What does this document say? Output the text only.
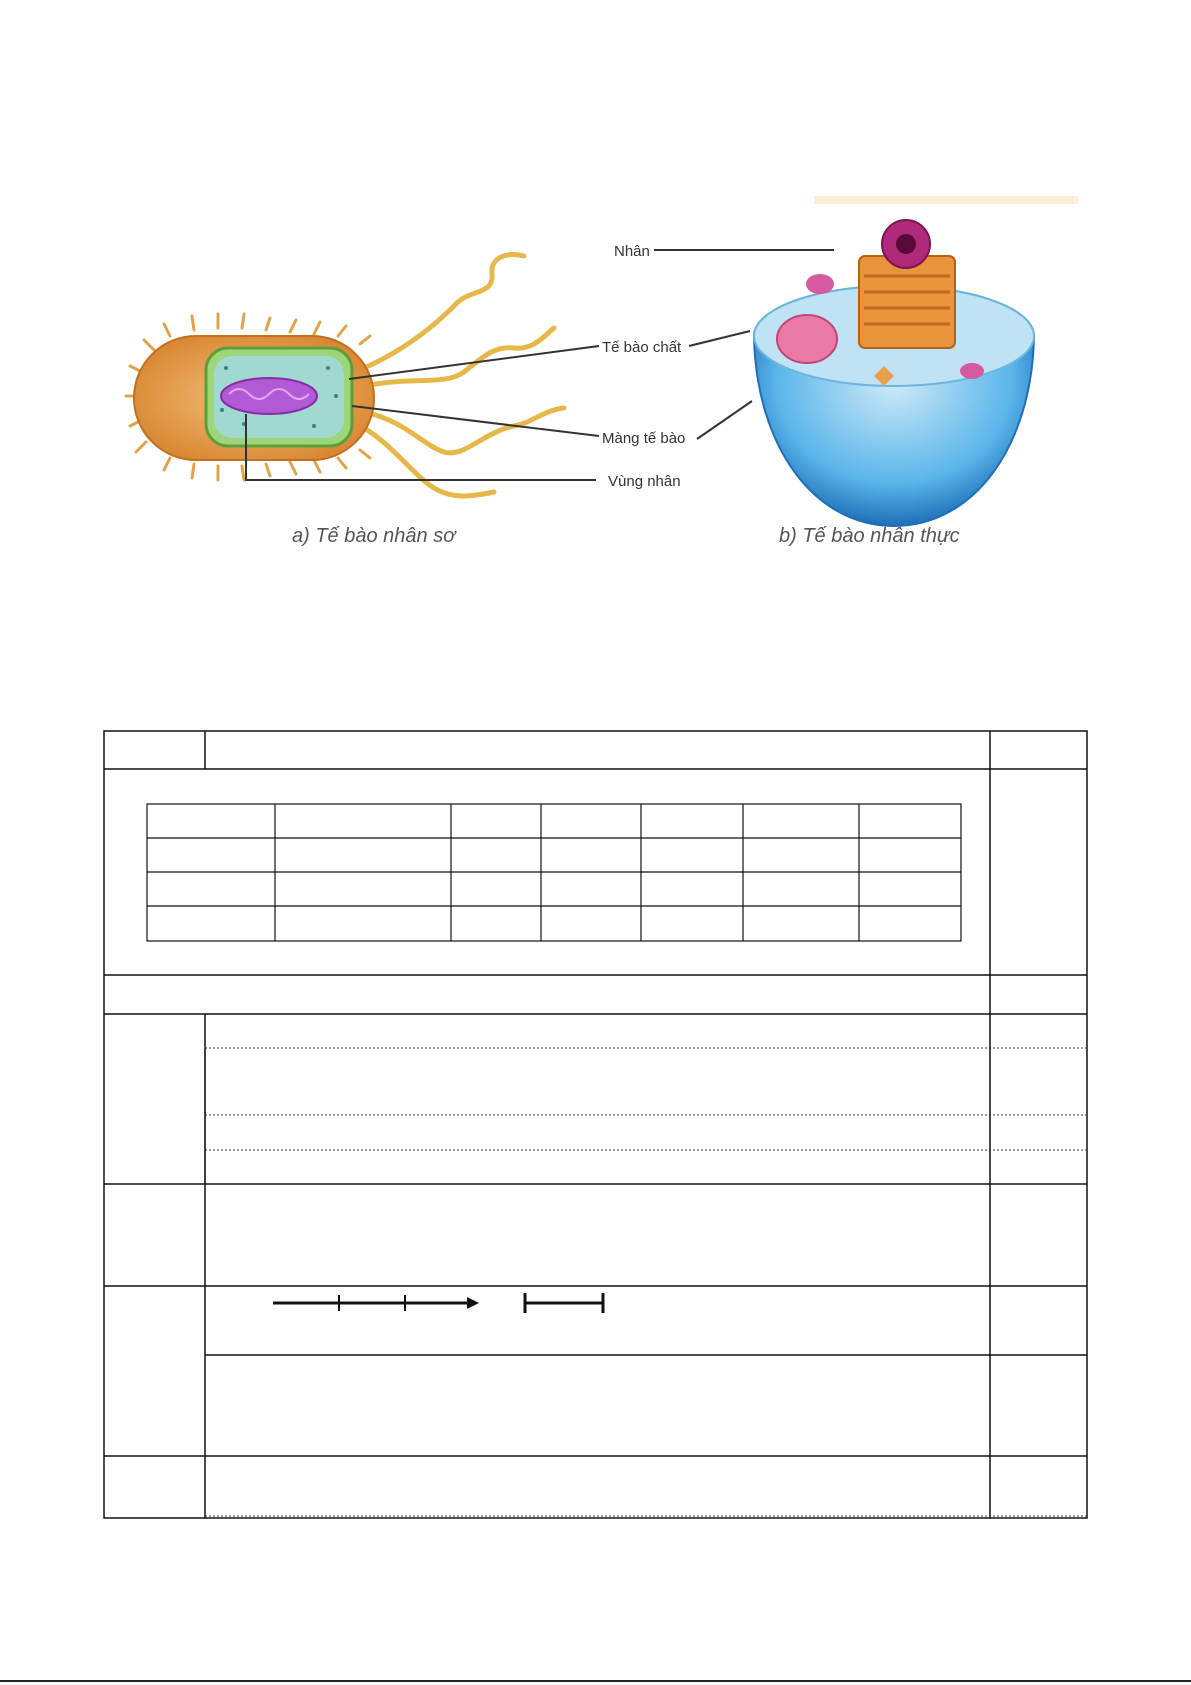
Nhân
Tế bào chất
Màng tế bào
Vùng nhân
a) Tế bào nhân sơ	b) Tế bào nhân thực
